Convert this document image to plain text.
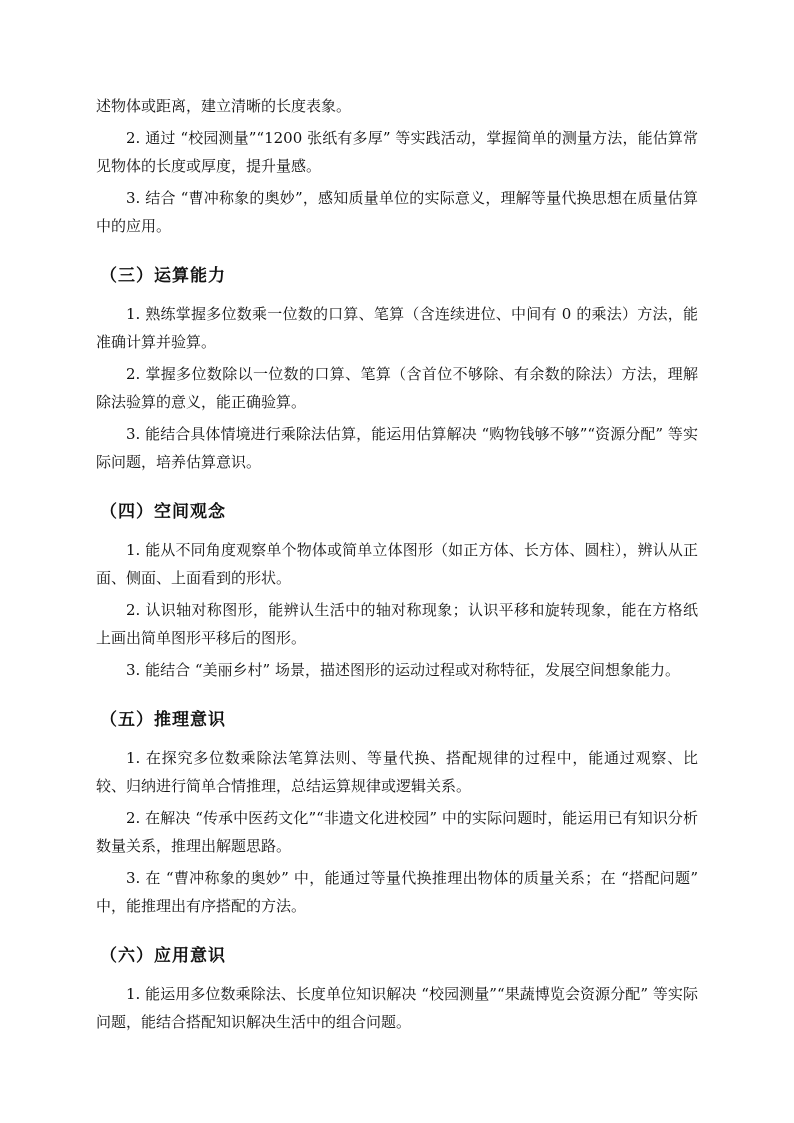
述物体或距离，建立清晰的长度表象。

2. 通过 “校园测量”“1200 张纸有多厚” 等实践活动，掌握简单的测量方法，能估算常见物体的长度或厚度，提升量感。

3. 结合 “曹冲称象的奥妙”，感知质量单位的实际意义，理解等量代换思想在质量估算中的应用。

（三）运算能力

1. 熟练掌握多位数乘一位数的口算、笔算（含连续进位、中间有 0 的乘法）方法，能准确计算并验算。

2. 掌握多位数除以一位数的口算、笔算（含首位不够除、有余数的除法）方法，理解除法验算的意义，能正确验算。

3. 能结合具体情境进行乘除法估算，能运用估算解决 “购物钱够不够”“资源分配” 等实际问题，培养估算意识。

（四）空间观念

1. 能从不同角度观察单个物体或简单立体图形（如正方体、长方体、圆柱），辨认从正面、侧面、上面看到的形状。

2. 认识轴对称图形，能辨认生活中的轴对称现象；认识平移和旋转现象，能在方格纸上画出简单图形平移后的图形。

3. 能结合 “美丽乡村” 场景，描述图形的运动过程或对称特征，发展空间想象能力。

（五）推理意识

1. 在探究多位数乘除法笔算法则、等量代换、搭配规律的过程中，能通过观察、比较、归纳进行简单合情推理，总结运算规律或逻辑关系。

2. 在解决 “传承中医药文化”“非遗文化进校园” 中的实际问题时，能运用已有知识分析数量关系，推理出解题思路。

3. 在 “曹冲称象的奥妙” 中，能通过等量代换推理出物体的质量关系；在 “搭配问题” 中，能推理出有序搭配的方法。

（六）应用意识

1. 能运用多位数乘除法、长度单位知识解决 “校园测量”“果蔬博览会资源分配” 等实际问题，能结合搭配知识解决生活中的组合问题。
